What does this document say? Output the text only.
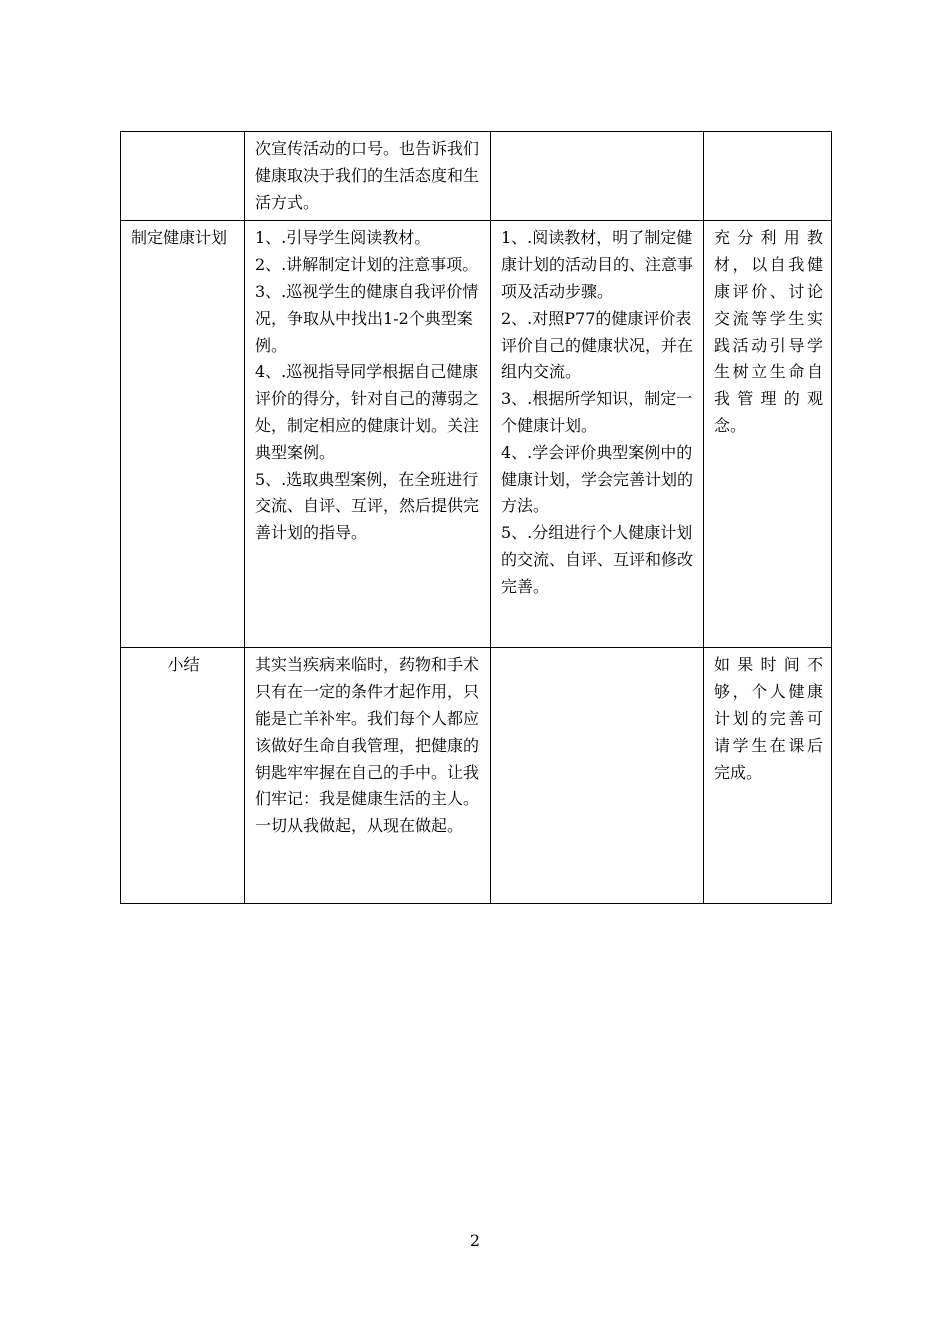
	次宣传活动的口号。也告诉我们健康取决于我们的生活态度和生活方式。		

制定健康计划	1、.引导学生阅读教材。
2、.讲解制定计划的注意事项。
3、.巡视学生的健康自我评价情况，争取从中找出1-2个典型案例。
4、.巡视指导同学根据自己健康评价的得分，针对自己的薄弱之处，制定相应的健康计划。关注典型案例。
5、.选取典型案例，在全班进行交流、自评、互评，然后提供完善计划的指导。	1、.阅读教材，明了制定健康计划的活动目的、注意事项及活动步骤。
2、.对照P77的健康评价表评价自己的健康状况，并在组内交流。
3、.根据所学知识，制定一个健康计划。
4、.学会评价典型案例中的健康计划，学会完善计划的方法。
5、.分组进行个人健康计划的交流、自评、互评和修改完善。	充分利用教材，以自我健康评价、讨论交流等学生实践活动引导学生树立生命自我管理的观念。
小结	其实当疾病来临时，药物和手术只有在一定的条件才起作用，只能是亡羊补牢。我们每个人都应该做好生命自我管理，把健康的钥匙牢牢握在自己的手中。让我们牢记：我是健康生活的主人。一切从我做起，从现在做起。		如果时间不够，个人健康计划的完善可请学生在课后完成。
2
